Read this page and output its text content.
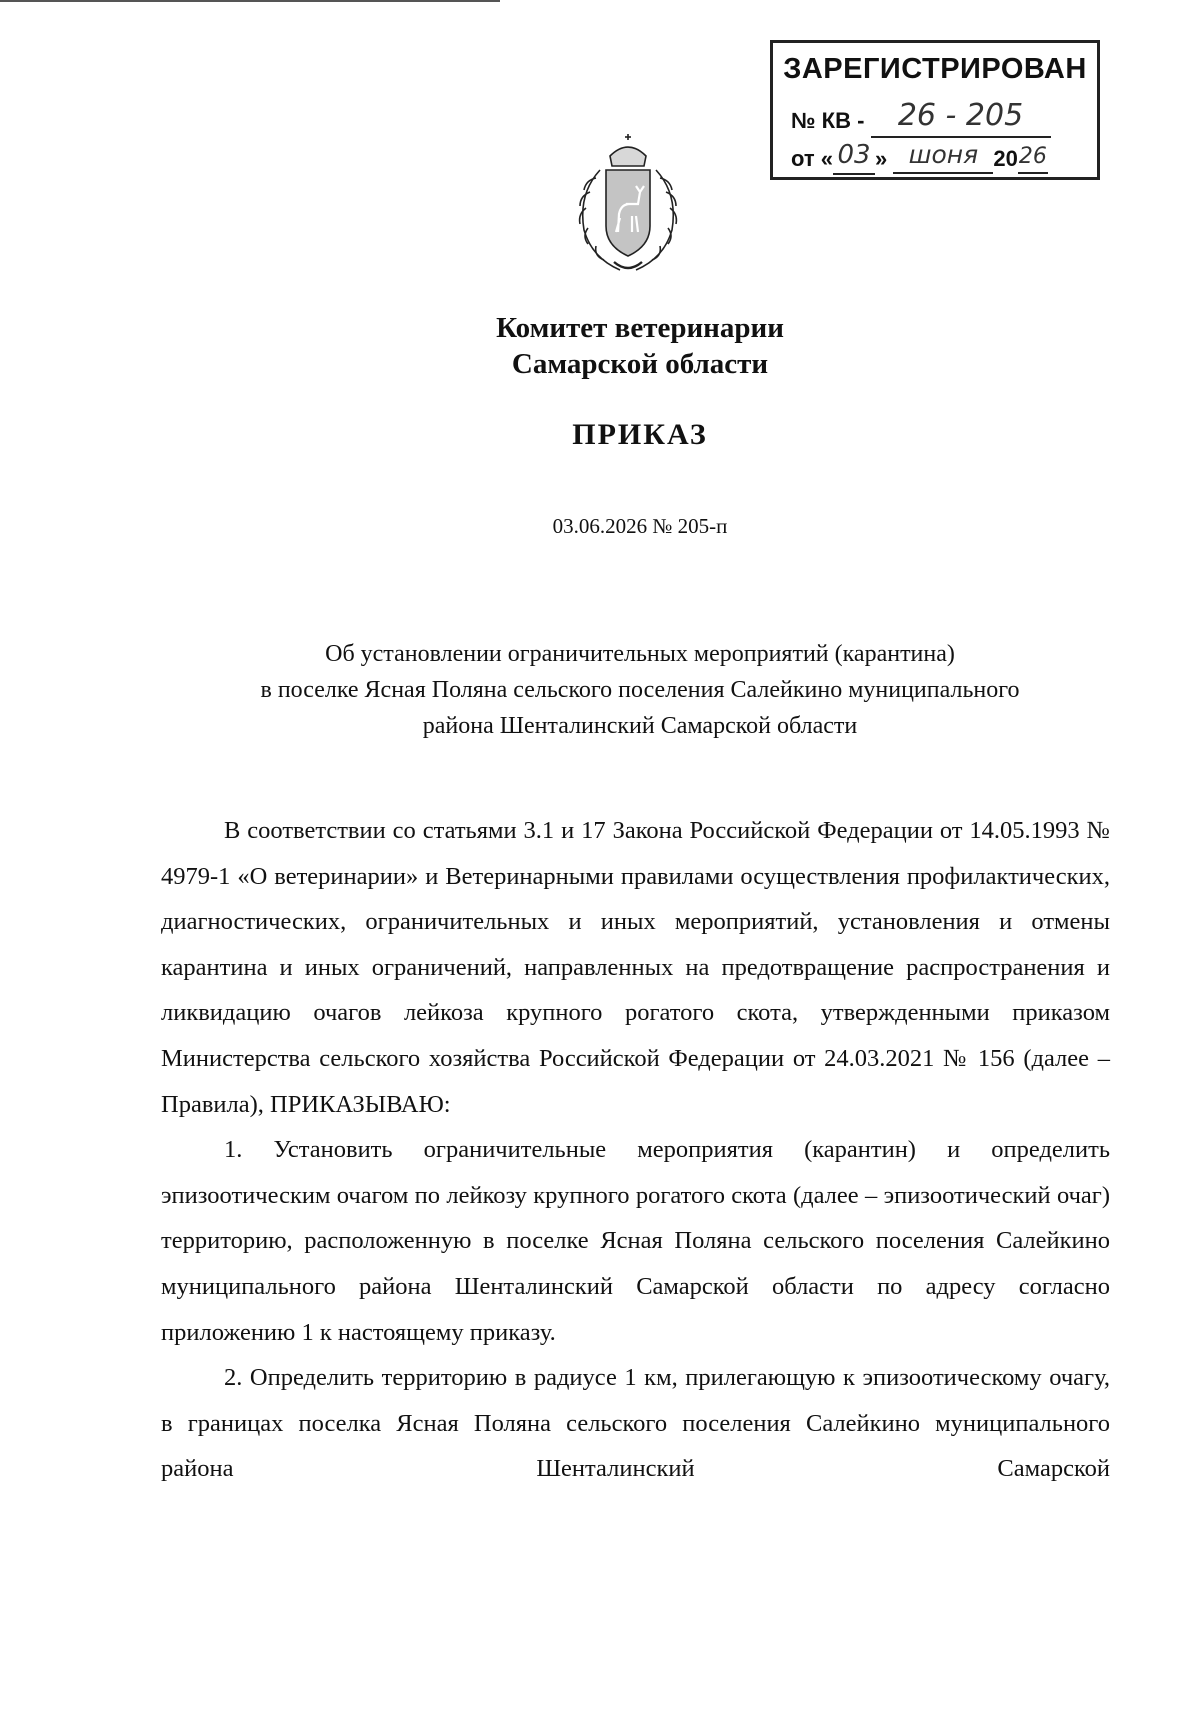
ЗАРЕГИСТРИРОВАН
№ КВ - 26 - 205
от « 03 » шоня 2026
Комитет ветеринарии
Самарской области
ПРИКАЗ
03.06.2026 № 205-п
Об установлении ограничительных мероприятий (карантина)
в поселке Ясная Поляна сельского поселения Салейкино муниципального
района Шенталинский Самарской области

В соответствии со статьями 3.1 и 17 Закона Российской Федерации от 14.05.1993 № 4979-1 «О ветеринарии» и Ветеринарными правилами осуществления профилактических, диагностических, ограничительных и иных мероприятий, установления и отмены карантина и иных ограничений, направленных на предотвращение распространения и ликвидацию очагов лейкоза крупного рогатого скота, утвержденными приказом Министерства сельского хозяйства Российской Федерации от 24.03.2021 № 156 (далее – Правила), ПРИКАЗЫВАЮ:

1. Установить ограничительные мероприятия (карантин) и определить эпизоотическим очагом по лейкозу крупного рогатого скота (далее – эпизоотический очаг) территорию, расположенную в поселке Ясная Поляна сельского поселения Салейкино муниципального района Шенталинский Самарской области по адресу согласно приложению 1 к настоящему приказу.

2. Определить территорию в радиусе 1 км, прилегающую к эпизоотическому очагу, в границах поселка Ясная Поляна сельского поселения Салейкино муниципального района Шенталинский Самарской
